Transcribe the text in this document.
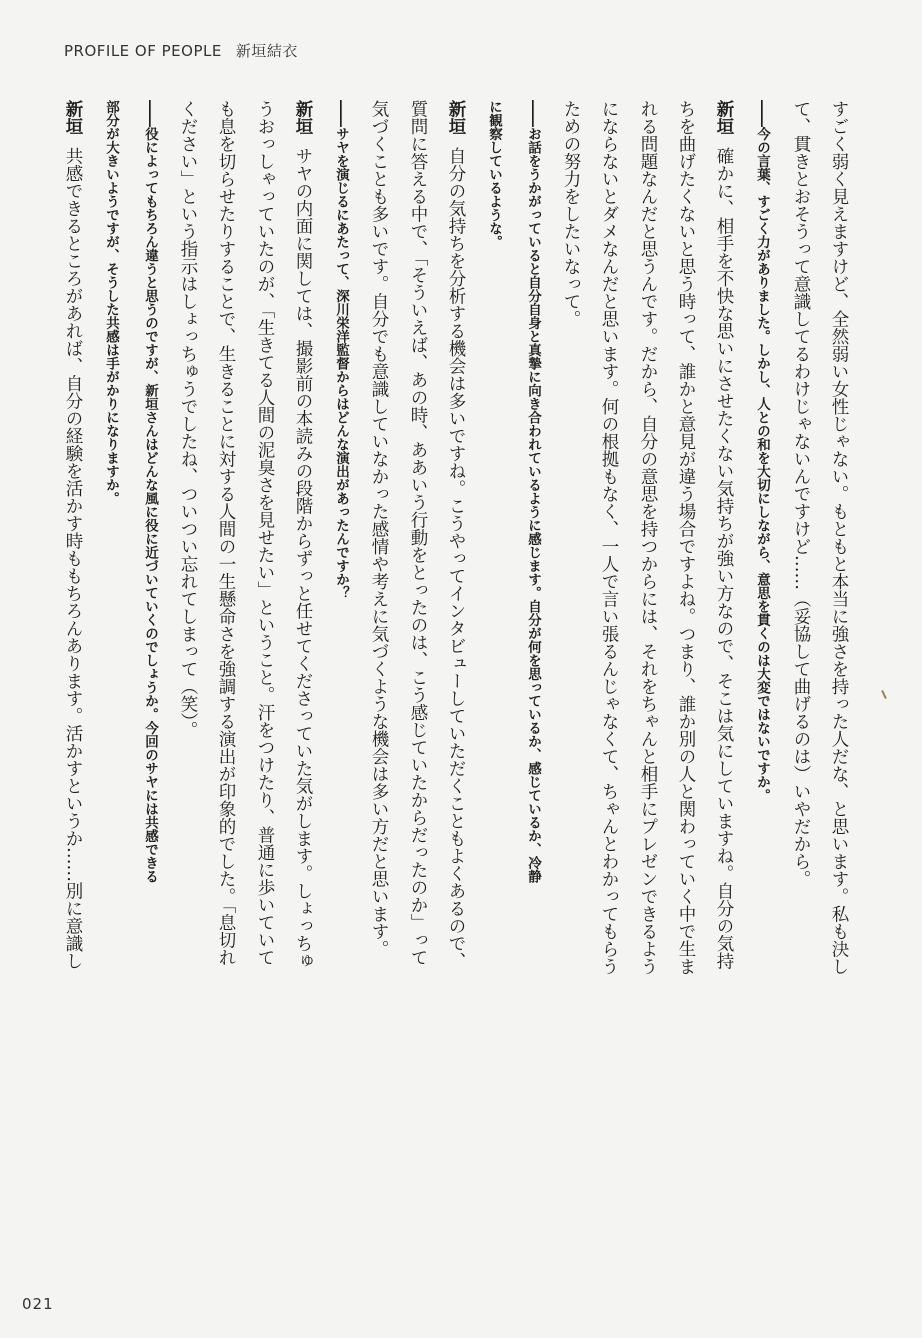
PROFILE OF PEOPLE 新垣結衣
すごく弱く見えますけど、全然弱い女性じゃない。もともと本当に強さを持った人だな、と思います。私も決し
て、貫きとおそうって意識してるわけじゃないんですけど……（妥協して曲げるのは）いやだから。
――今の言葉、すごく力がありました。しかし、人との和を大切にしながら、意思を貫くのは大変ではないですか。
新垣確かに、相手を不快な思いにさせたくない気持ちが強い方なので、そこは気にしていますね。自分の気持
ちを曲げたくないと思う時って、誰かと意見が違う場合ですよね。つまり、誰か別の人と関わっていく中で生ま
れる問題なんだと思うんです。だから、自分の意思を持つからには、それをちゃんと相手にプレゼンできるよう
にならないとダメなんだと思います。何の根拠もなく、一人で言い張るんじゃなくて、ちゃんとわかってもらう
ための努力をしたいなって。
――お話をうかがっていると自分自身と真摯に向き合われているように感じます。自分が何を思っているか、感じているか、冷静
に観察しているような。
新垣自分の気持ちを分析する機会は多いですね。こうやってインタビューしていただくこともよくあるので、
質問に答える中で、「そういえば、あの時、ああいう行動をとったのは、こう感じていたからだったのか」って
気づくことも多いです。自分でも意識していなかった感情や考えに気づくような機会は多い方だと思います。
――サヤを演じるにあたって、深川栄洋監督からはどんな演出があったんですか？
新垣サヤの内面に関しては、撮影前の本読みの段階からずっと任せてくださっていた気がします。しょっちゅ
うおっしゃっていたのが、「生きてる人間の泥臭さを見せたい」ということ。汗をつけたり、普通に歩いていて
も息を切らせたりすることで、生きることに対する人間の一生懸命さを強調する演出が印象的でした。「息切れ
ください」という指示はしょっちゅうでしたね、ついつい忘れてしまって（笑）。
――役によってもちろん違うと思うのですが、新垣さんはどんな風に役に近づいていくのでしょうか。今回のサヤには共感できる
部分が大きいようですが、そうした共感は手がかりになりますか。
新垣共感できるところがあれば、自分の経験を活かす時ももちろんあります。活かすというか……別に意識し
021
